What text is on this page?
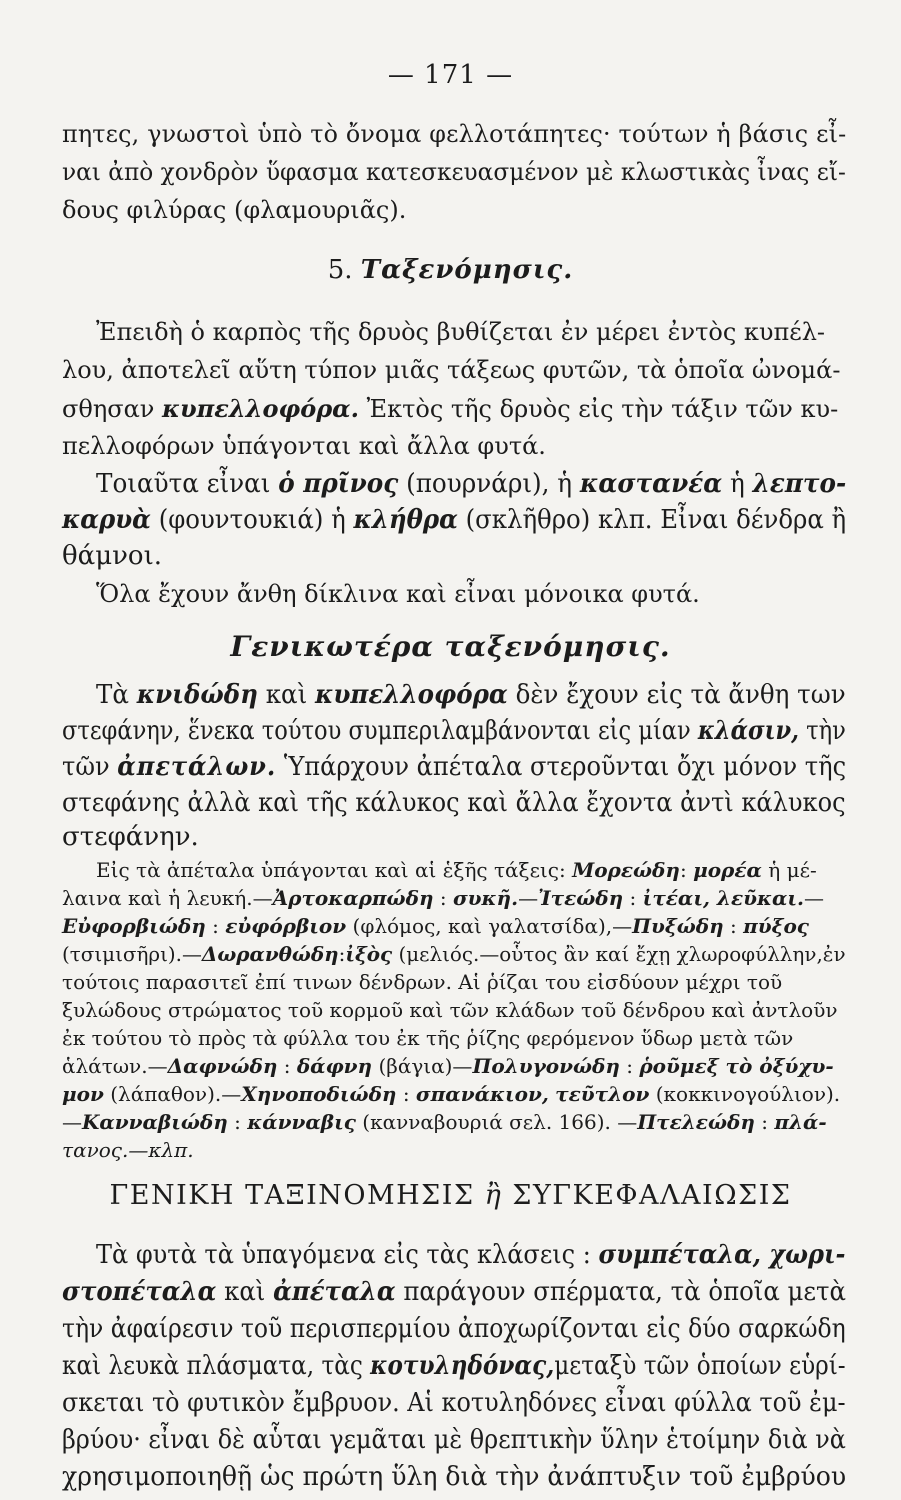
— 171 —
πητες, γνωστοὶ ὑπὸ τὸ ὄνομα φελλοτάπητες· τούτων ἡ βάσις εἶ-
ναι ἀπὸ χονδρὸν ὕφασμα κατεσκευασμένον μὲ κλωστικὰς ἶνας εἴ-
δους φιλύρας (φλαμουριᾶς).
5. Ταξενόμησις.
Ἐπειδὴ ὁ καρπὸς τῆς δρυὸς βυθίζεται ἐν μέρει ἐντὸς κυπέλ-
λου, ἀποτελεῖ αὕτη τύπον μιᾶς τάξεως φυτῶν, τὰ ὁποῖα ὠνομά-
σθησαν κυπελλοφόρα. Ἐκτὸς τῆς δρυὸς εἰς τὴν τάξιν τῶν κυ-
πελλοφόρων ὑπάγονται καὶ ἄλλα φυτά.
Τοιαῦτα εἶναι ὁ πρῖνος (πουρνάρι), ἡ καστανέα ἡ λεπτο-
καρυὰ (φουντουκιά) ἡ κλήθρα (σκλῆθρο) κλπ. Εἶναι δένδρα ἢ
θάμνοι.
Ὅλα ἔχουν ἄνθη δίκλινα καὶ εἶναι μόνοικα φυτά.
Γενικωτέρα ταξενόμησις.
Τὰ κνιδώδη καὶ κυπελλοφόρα δὲν ἔχουν εἰς τὰ ἄνθη των
στεφάνην, ἕνεκα τούτου συμπεριλαμβάνονται εἰς μίαν κλάσιν, τὴν
τῶν ἀπετάλων. Ὑπάρχουν ἀπέταλα στεροῦνται ὄχι μόνον τῆς
στεφάνης ἀλλὰ καὶ τῆς κάλυκος καὶ ἄλλα ἔχοντα ἀντὶ κάλυκος
στεφάνην.
Εἰς τὰ ἀπέταλα ὑπάγονται καὶ αἱ ἑξῆς τάξεις: Μορεώδη: μορέα ἡ μέ-
λαινα καὶ ἡ λευκή.—Ἀρτοκαρπώδη : συκῆ.—Ἰτεώδη : ἰτέαι, λεῦκαι.—
Εὐφορβιώδη : εὐφόρβιον (φλόμος, καὶ γαλατσίδα),—Πυξώδη : πύξος
(τσιμισῆρι).—Δωρανθώδη:ἰξὸς (μελιός.—οὗτος ἂν καί ἔχῃ χλωροφύλλην,ἐν
τούτοις παρασιτεῖ ἐπί τινων δένδρων. Αἱ ῥίζαι του εἰσδύουν μέχρι τοῦ
ξυλώδους στρώματος τοῦ κορμοῦ καὶ τῶν κλάδων τοῦ δένδρου καὶ ἀντλοῦν
ἐκ τούτου τὸ πρὸς τὰ φύλλα του ἐκ τῆς ῥίζης φερόμενον ὕδωρ μετὰ τῶν
ἁλάτων.—Δαφνώδη : δάφνη (βάγια)—Πολυγονώδη : ῥοῦμεξ τὸ ὀξύχυ-
μον (λάπαθον).—Χηνοποδιώδη : σπανάκιον, τεῦτλον (κοκκινογούλιον).
—Κανναβιώδη : κάνναβις (κανναβουριά σελ. 166). —Πτελεώδη : πλά-
τανος.—κλπ.
ΓΕΝΙΚΗ ΤΑΞΙΝΟΜΗΣΙΣ ἢ ΣΥΓΚΕΦΑΛΑΙΩΣΙΣ
Τὰ φυτὰ τὰ ὑπαγόμενα εἰς τὰς κλάσεις : συμπέταλα, χωρι-
στοπέταλα καὶ ἀπέταλα παράγουν σπέρματα, τὰ ὁποῖα μετὰ
τὴν ἀφαίρεσιν τοῦ περισπερμίου ἀποχωρίζονται εἰς δύο σαρκώδη
καὶ λευκὰ πλάσματα, τὰς κοτυληδόνας,μεταξὺ τῶν ὁποίων εὑρί-
σκεται τὸ φυτικὸν ἔμβρυον. Αἱ κοτυληδόνες εἶναι φύλλα τοῦ ἐμ-
βρύου· εἶναι δὲ αὗται γεμᾶται μὲ θρεπτικὴν ὕλην ἑτοίμην διὰ νὰ
χρησιμοποιηθῇ ὡς πρώτη ὕλη διὰ τὴν ἀνάπτυξιν τοῦ ἐμβρύου
